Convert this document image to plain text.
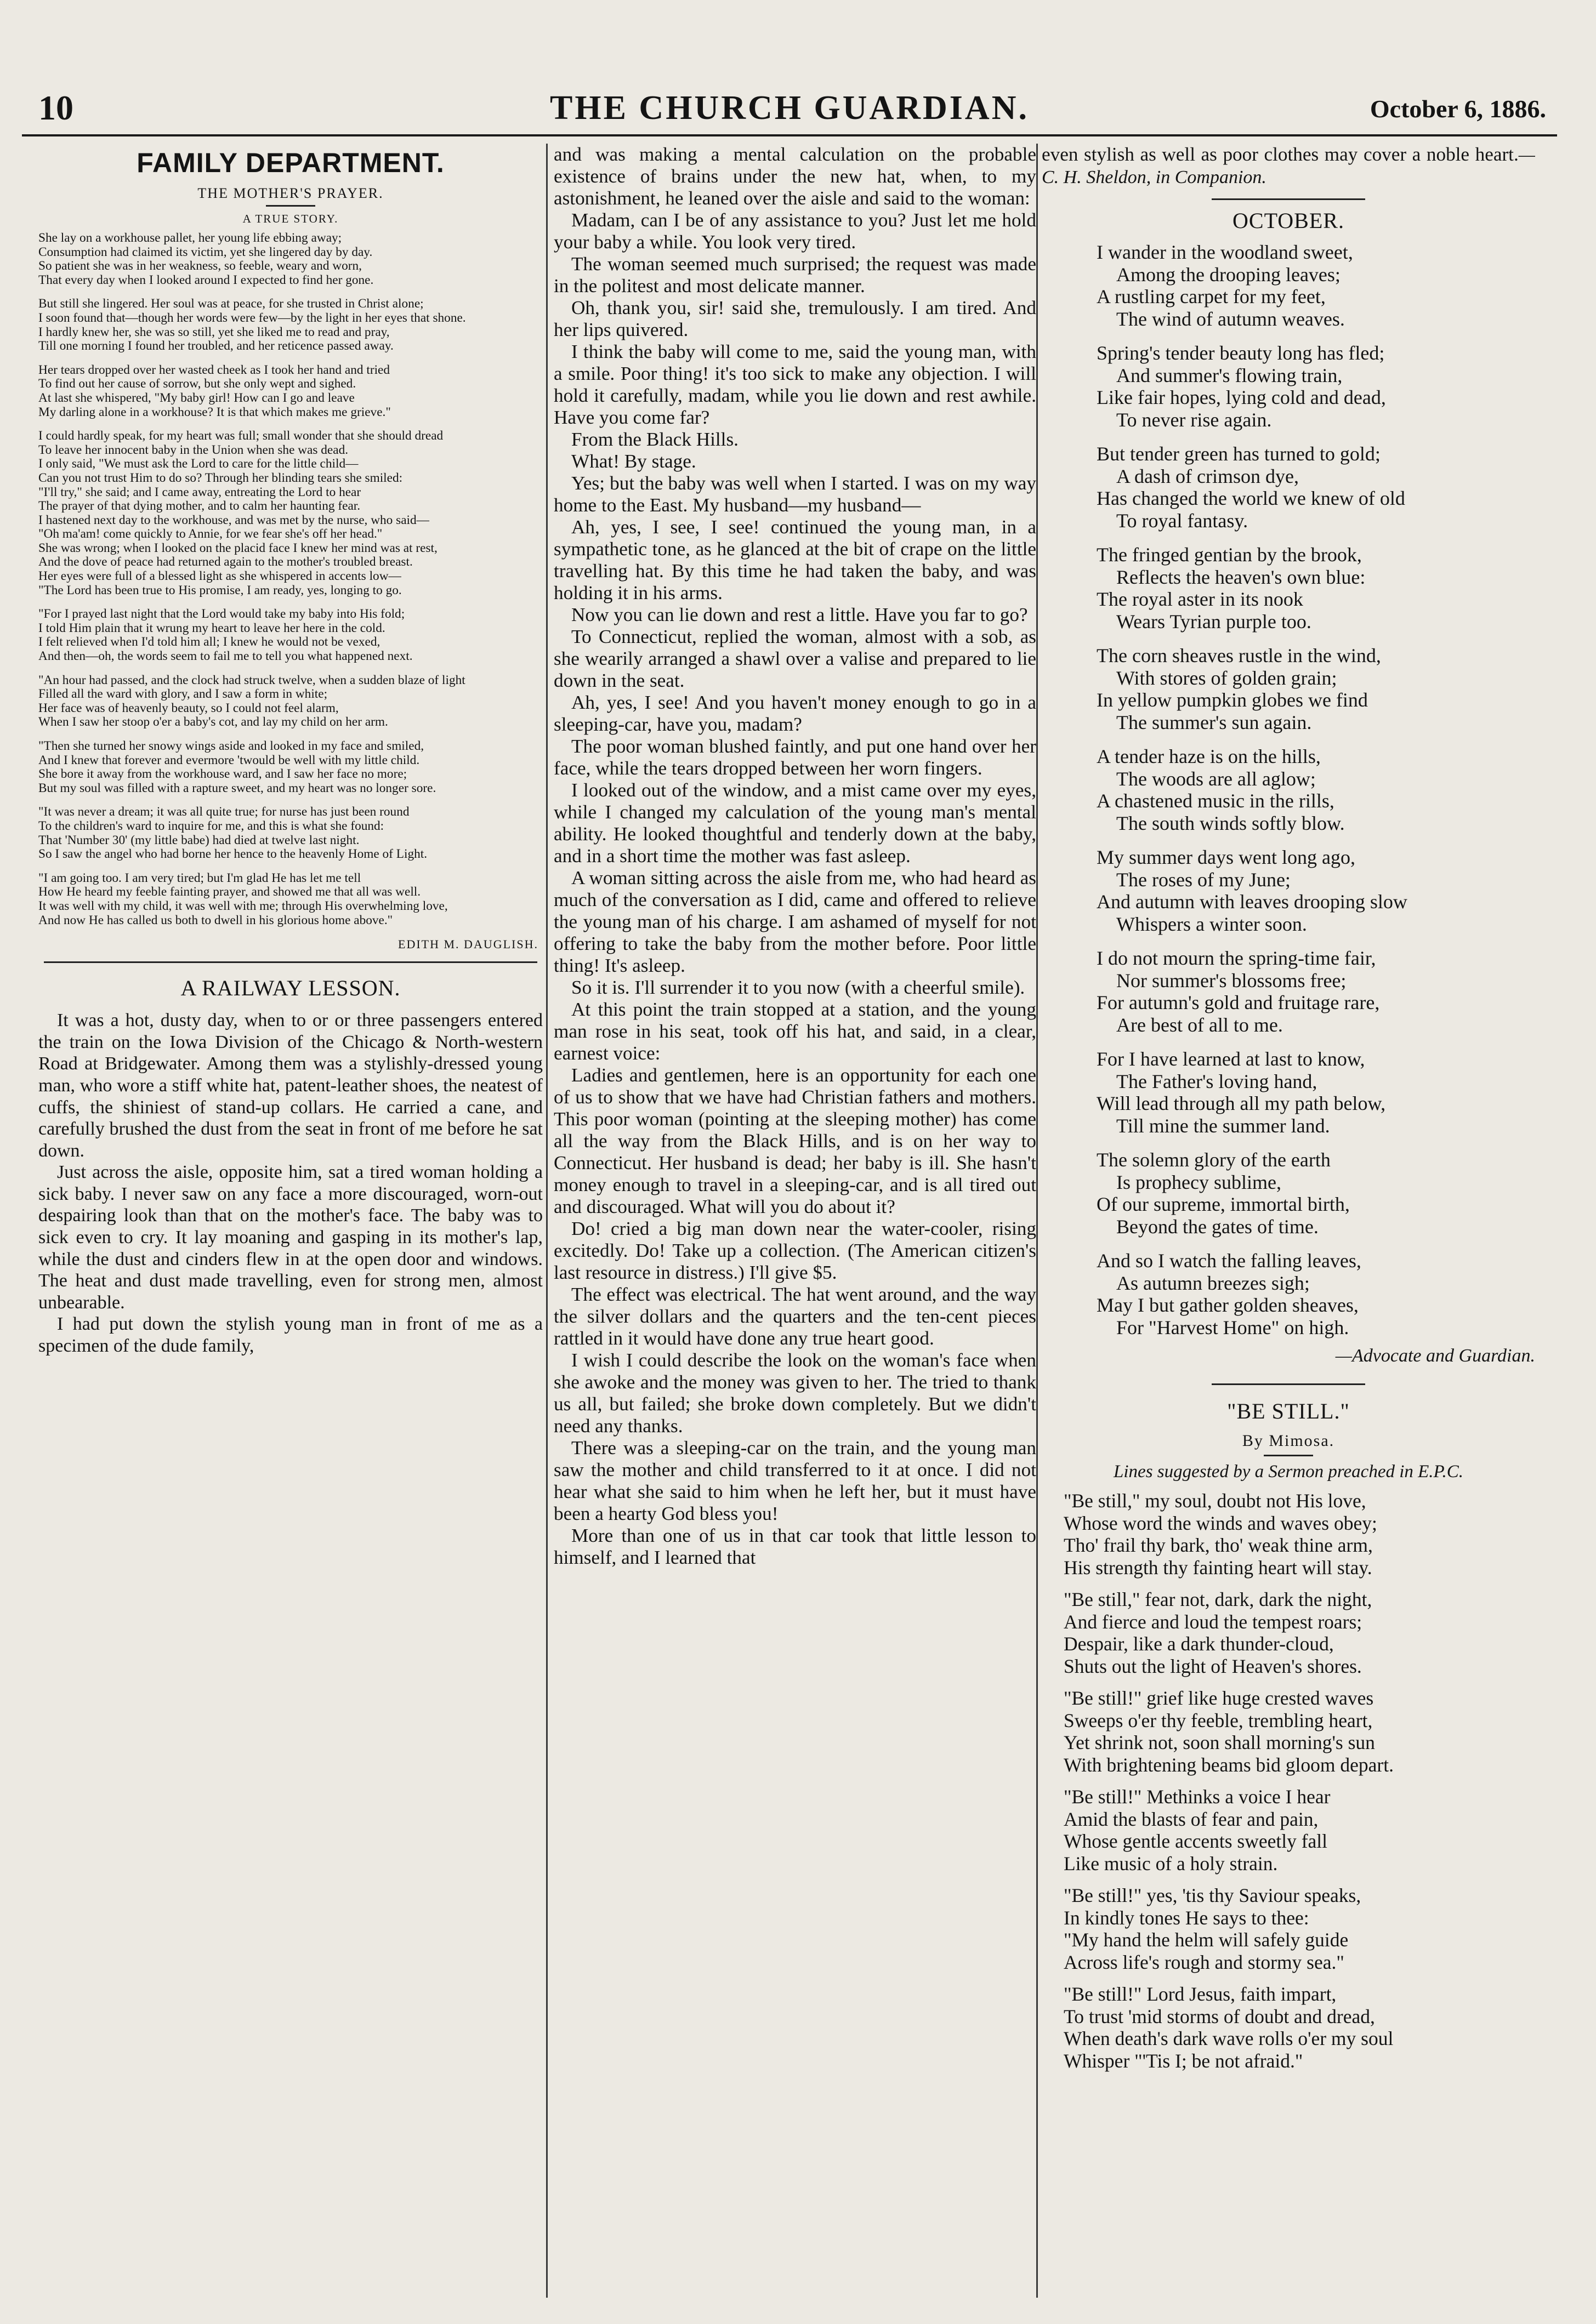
10	THE CHURCH GUARDIAN.	October 6, 1886.
FAMILY DEPARTMENT.
THE MOTHER'S PRAYER.
A TRUE STORY.

She lay on a workhouse pallet, her young life ebbing away;

Consumption had claimed its victim, yet she lingered day by day.

So patient she was in her weakness, so feeble, weary and worn,

That every day when I looked around I expected to find her gone.

But still she lingered. Her soul was at peace, for she trusted in Christ alone;

I soon found that—though her words were few—by the light in her eyes that shone.

I hardly knew her, she was so still, yet she liked me to read and pray,

Till one morning I found her troubled, and her reticence passed away.

Her tears dropped over her wasted cheek as I took her hand and tried

To find out her cause of sorrow, but she only wept and sighed.

At last she whispered, "My baby girl! How can I go and leave

My darling alone in a workhouse? It is that which makes me grieve."

I could hardly speak, for my heart was full; small wonder that she should dread

To leave her innocent baby in the Union when she was dead.

I only said, "We must ask the Lord to care for the little child—

Can you not trust Him to do so? Through her blinding tears she smiled:

"I'll try," she said; and I came away, entreating the Lord to hear

The prayer of that dying mother, and to calm her haunting fear.

I hastened next day to the workhouse, and was met by the nurse, who said—

"Oh ma'am! come quickly to Annie, for we fear she's off her head."

She was wrong; when I looked on the placid face I knew her mind was at rest,

And the dove of peace had returned again to the mother's troubled breast.

Her eyes were full of a blessed light as she whispered in accents low—

"The Lord has been true to His promise, I am ready, yes, longing to go.

"For I prayed last night that the Lord would take my baby into His fold;

I told Him plain that it wrung my heart to leave her here in the cold.

I felt relieved when I'd told him all; I knew he would not be vexed,

And then—oh, the words seem to fail me to tell you what happened next.

"An hour had passed, and the clock had struck twelve, when a sudden blaze of light

Filled all the ward with glory, and I saw a form in white;

Her face was of heavenly beauty, so I could not feel alarm,

When I saw her stoop o'er a baby's cot, and lay my child on her arm.

"Then she turned her snowy wings aside and looked in my face and smiled,

And I knew that forever and evermore 'twould be well with my little child.

She bore it away from the workhouse ward, and I saw her face no more;

But my soul was filled with a rapture sweet, and my heart was no longer sore.

"It was never a dream; it was all quite true; for nurse has just been round

To the children's ward to inquire for me, and this is what she found:

That 'Number 30' (my little babe) had died at twelve last night.

So I saw the angel who had borne her hence to the heavenly Home of Light.

"I am going too. I am very tired; but I'm glad He has let me tell

How He heard my feeble fainting prayer, and showed me that all was well.

It was well with my child, it was well with me; through His overwhelming love,

And now He has called us both to dwell in his glorious home above."

EDITH M. DAUGLISH.
A RAILWAY LESSON.

It was a hot, dusty day, when to or or three passengers entered the train on the Iowa Division of the Chicago & North-western Road at Bridgewater. Among them was a stylishly-dressed young man, who wore a stiff white hat, patent-leather shoes, the neatest of cuffs, the shiniest of stand-up collars. He carried a cane, and carefully brushed the dust from the seat in front of me before he sat down.

Just across the aisle, opposite him, sat a tired woman holding a sick baby. I never saw on any face a more discouraged, worn-out despairing look than that on the mother's face. The baby was to sick even to cry. It lay moaning and gasping in its mother's lap, while the dust and cinders flew in at the open door and windows. The heat and dust made travelling, even for strong men, almost unbearable.

I had put down the stylish young man in front of me as a specimen of the dude family,

and was making a mental calculation on the probable existence of brains under the new hat, when, to my astonishment, he leaned over the aisle and said to the woman:

Madam, can I be of any assistance to you? Just let me hold your baby a while. You look very tired.

The woman seemed much surprised; the request was made in the politest and most delicate manner.

Oh, thank you, sir! said she, tremulously. I am tired. And her lips quivered.

I think the baby will come to me, said the young man, with a smile. Poor thing! it's too sick to make any objection. I will hold it carefully, madam, while you lie down and rest awhile. Have you come far?

From the Black Hills.

What! By stage.

Yes; but the baby was well when I started. I was on my way home to the East. My husband—my husband—

Ah, yes, I see, I see! continued the young man, in a sympathetic tone, as he glanced at the bit of crape on the little travelling hat. By this time he had taken the baby, and was holding it in his arms.

Now you can lie down and rest a little. Have you far to go?

To Connecticut, replied the woman, almost with a sob, as she wearily arranged a shawl over a valise and prepared to lie down in the seat.

Ah, yes, I see! And you haven't money enough to go in a sleeping-car, have you, madam?

The poor woman blushed faintly, and put one hand over her face, while the tears dropped between her worn fingers.

I looked out of the window, and a mist came over my eyes, while I changed my calculation of the young man's mental ability. He looked thoughtful and tenderly down at the baby, and in a short time the mother was fast asleep.

A woman sitting across the aisle from me, who had heard as much of the conversation as I did, came and offered to relieve the young man of his charge. I am ashamed of myself for not offering to take the baby from the mother before. Poor little thing! It's asleep.

So it is. I'll surrender it to you now (with a cheerful smile).

At this point the train stopped at a station, and the young man rose in his seat, took off his hat, and said, in a clear, earnest voice:

Ladies and gentlemen, here is an opportunity for each one of us to show that we have had Christian fathers and mothers. This poor woman (pointing at the sleeping mother) has come all the way from the Black Hills, and is on her way to Connecticut. Her husband is dead; her baby is ill. She hasn't money enough to travel in a sleeping-car, and is all tired out and discouraged. What will you do about it?

Do! cried a big man down near the water-cooler, rising excitedly. Do! Take up a collection. (The American citizen's last resource in distress.) I'll give $5.

The effect was electrical. The hat went around, and the way the silver dollars and the quarters and the ten-cent pieces rattled in it would have done any true heart good.

I wish I could describe the look on the woman's face when she awoke and the money was given to her. The tried to thank us all, but failed; she broke down completely. But we didn't need any thanks.

There was a sleeping-car on the train, and the young man saw the mother and child transferred to it at once. I did not hear what she said to him when he left her, but it must have been a hearty God bless you!

More than one of us in that car took that little lesson to himself, and I learned that

even stylish as well as poor clothes may cover a noble heart.—C. H. Sheldon, in Companion.

OCTOBER.

I wander in the woodland sweet,

Among the drooping leaves;

A rustling carpet for my feet,

The wind of autumn weaves.

Spring's tender beauty long has fled;

And summer's flowing train,

Like fair hopes, lying cold and dead,

To never rise again.

But tender green has turned to gold;

A dash of crimson dye,

Has changed the world we knew of old

To royal fantasy.

The fringed gentian by the brook,

Reflects the heaven's own blue:

The royal aster in its nook

Wears Tyrian purple too.

The corn sheaves rustle in the wind,

With stores of golden grain;

In yellow pumpkin globes we find

The summer's sun again.

A tender haze is on the hills,

The woods are all aglow;

A chastened music in the rills,

The south winds softly blow.

My summer days went long ago,

The roses of my June;

And autumn with leaves drooping slow

Whispers a winter soon.

I do not mourn the spring-time fair,

Nor summer's blossoms free;

For autumn's gold and fruitage rare,

Are best of all to me.

For I have learned at last to know,

The Father's loving hand,

Will lead through all my path below,

Till mine the summer land.

The solemn glory of the earth

Is prophecy sublime,

Of our supreme, immortal birth,

Beyond the gates of time.

And so I watch the falling leaves,

As autumn breezes sigh;

May I but gather golden sheaves,

For "Harvest Home" on high.

—Advocate and Guardian.
"BE STILL."
By Mimosa.
Lines suggested by a Sermon preached in E.P.C.

"Be still," my soul, doubt not His love,

Whose word the winds and waves obey;

Tho' frail thy bark, tho' weak thine arm,

His strength thy fainting heart will stay.

"Be still," fear not, dark, dark the night,

And fierce and loud the tempest roars;

Despair, like a dark thunder-cloud,

Shuts out the light of Heaven's shores.

"Be still!" grief like huge crested waves

Sweeps o'er thy feeble, trembling heart,

Yet shrink not, soon shall morning's sun

With brightening beams bid gloom depart.

"Be still!" Methinks a voice I hear

Amid the blasts of fear and pain,

Whose gentle accents sweetly fall

Like music of a holy strain.

"Be still!" yes, 'tis thy Saviour speaks,

In kindly tones He says to thee:

"My hand the helm will safely guide

Across life's rough and stormy sea."

"Be still!" Lord Jesus, faith impart,

To trust 'mid storms of doubt and dread,

When death's dark wave rolls o'er my soul

Whisper "'Tis I; be not afraid."
